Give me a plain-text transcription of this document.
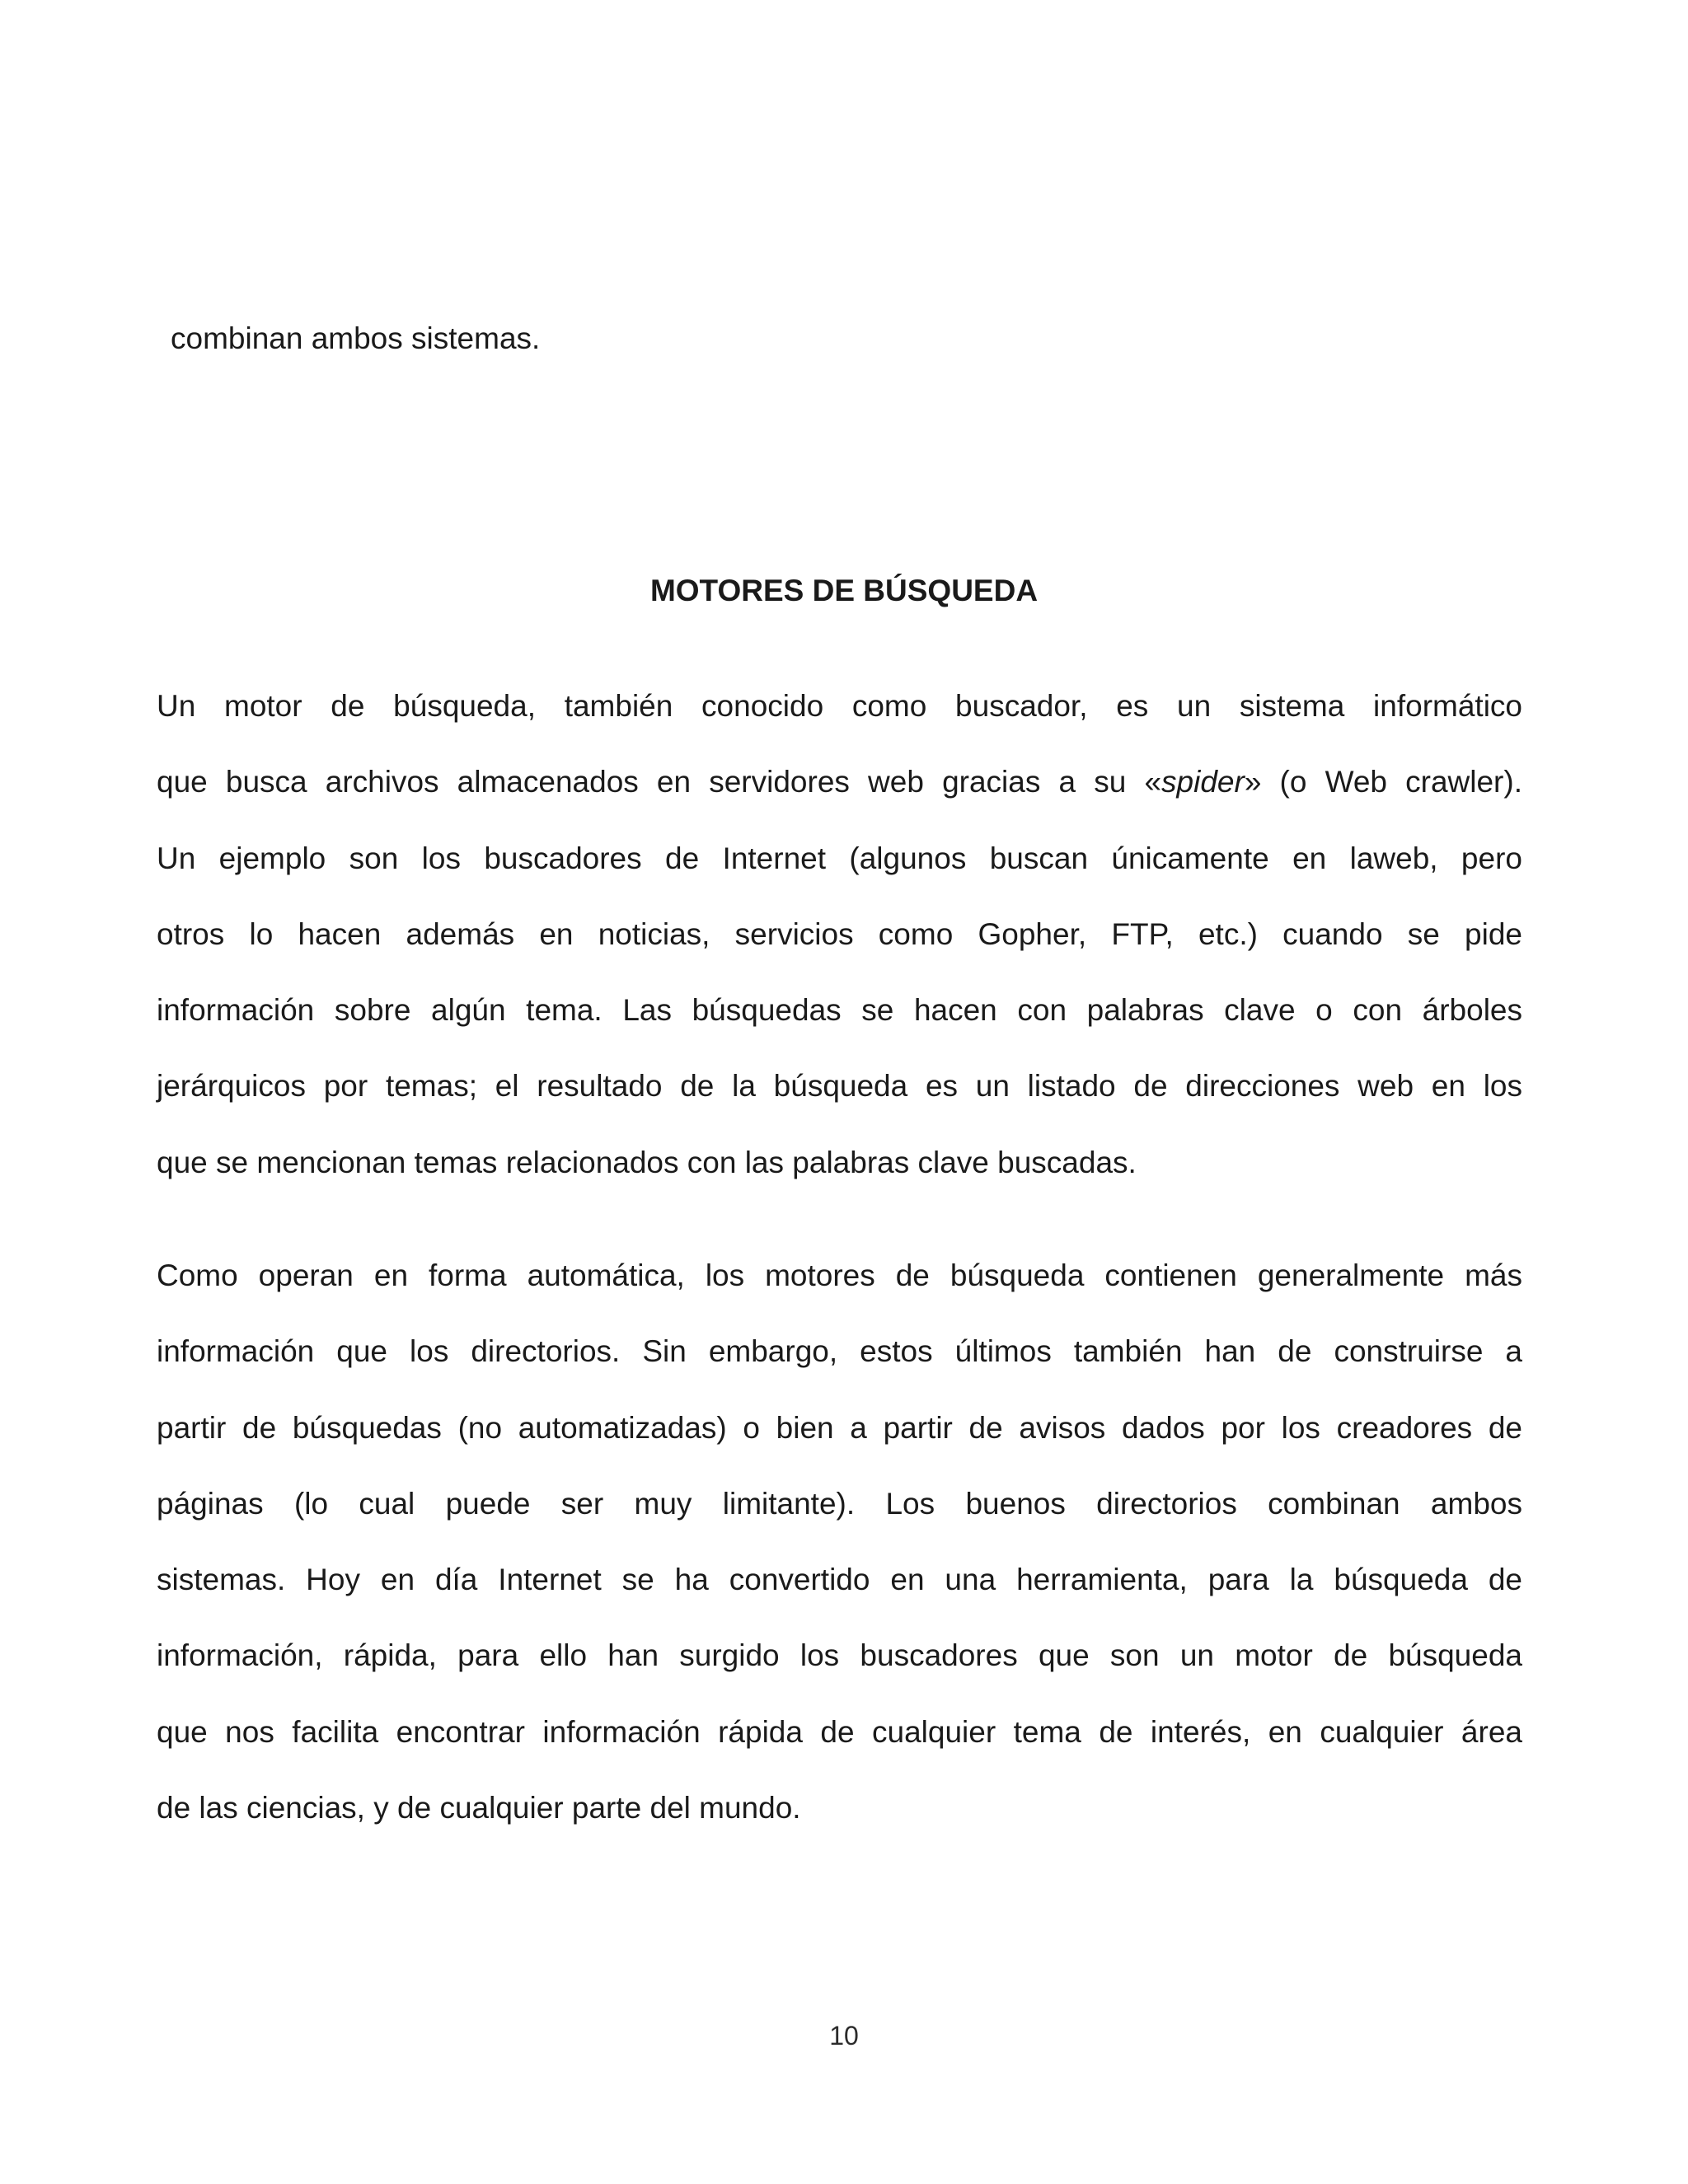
combinan ambos sistemas.
MOTORES DE BÚSQUEDA
Un motor de búsqueda, también conocido como buscador, es un sistema informático
que busca archivos almacenados en servidores web gracias a su «spider» (o Web crawler).
Un ejemplo son los buscadores de Internet (algunos buscan únicamente en laweb, pero
otros lo hacen además en noticias, servicios como Gopher, FTP, etc.) cuando se pide
información sobre algún tema. Las búsquedas se hacen con palabras clave o con árboles
jerárquicos por temas; el resultado de la búsqueda es un listado de direcciones web en los
que se mencionan temas relacionados con las palabras clave buscadas.
Como operan en forma automática, los motores de búsqueda contienen generalmente más
información que los directorios. Sin embargo, estos últimos también han de construirse a
partir de búsquedas (no automatizadas) o bien a partir de avisos dados por los creadores de
páginas (lo cual puede ser muy limitante). Los buenos directorios combinan ambos
sistemas. Hoy en día Internet se ha convertido en una herramienta, para la búsqueda de
información, rápida, para ello han surgido los buscadores que son un motor de búsqueda
que nos facilita encontrar información rápida de cualquier tema de interés, en cualquier área
de las ciencias, y de cualquier parte del mundo.
10
